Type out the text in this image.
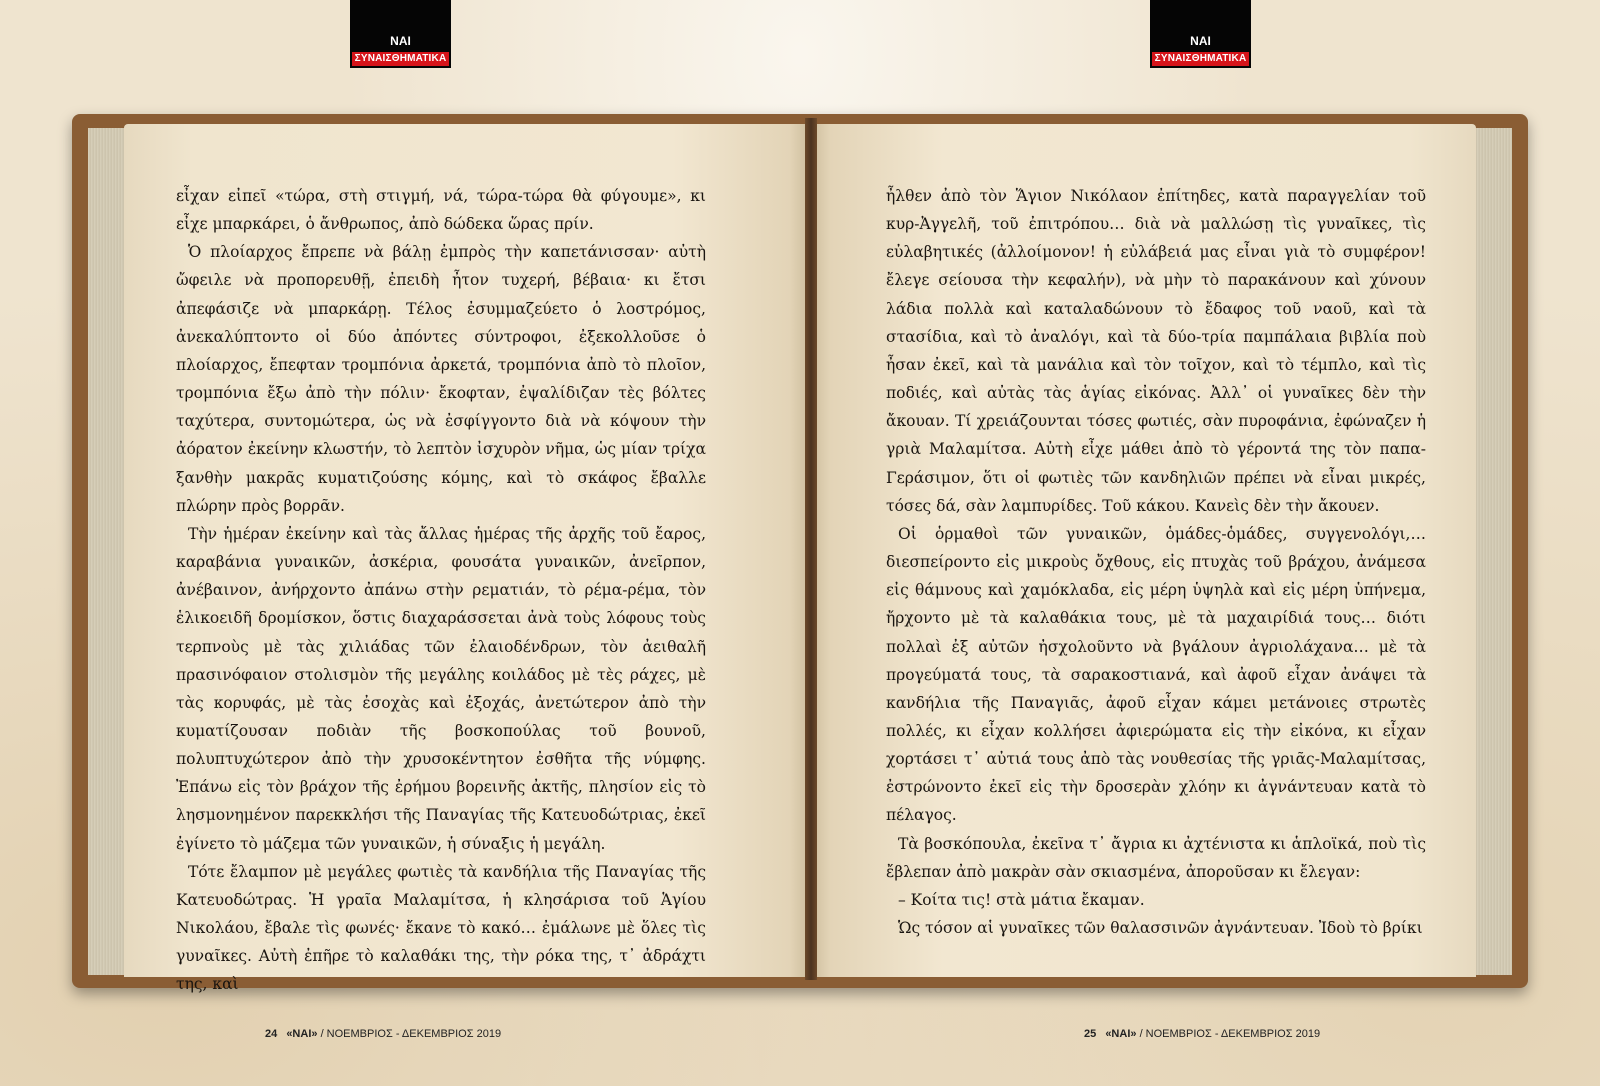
ΝΑΙ
ΣΥΝΑΙΣΘΗΜΑΤΙΚΑ
ΝΑΙ
ΣΥΝΑΙΣΘΗΜΑΤΙΚΑ

εἶχαν εἰπεῖ «τώρα, στὴ στιγμή, νά, τώρα-τώρα θὰ φύγουμε», κι εἶχε μπαρκάρει, ὁ ἄνθρωπος, ἀπὸ δώδεκα ὥρας πρίν.

Ὁ πλοίαρχος ἔπρεπε νὰ βάλῃ ἐμπρὸς τὴν καπετάνισσαν· αὐτὴ ὤφειλε νὰ προπορευθῇ, ἐπειδὴ ἦτον τυχερή, βέβαια· κι ἔτσι ἀπεφάσιζε νὰ μπαρκάρῃ. Τέλος ἐσυμμαζεύετο ὁ λοστρόμος, ἀνεκαλύπτοντο οἱ δύο ἀπόντες σύντροφοι, ἐξεκολλοῦσε ὁ πλοίαρχος, ἔπεφταν τρομπόνια ἀρκετά, τρομπόνια ἀπὸ τὸ πλοῖον, τρομπόνια ἔξω ἀπὸ τὴν πόλιν· ἔκοφταν, ἐψαλίδιζαν τὲς βόλτες ταχύτερα, συντομώτερα, ὡς νὰ ἐσφίγγοντο διὰ νὰ κόψουν τὴν ἀόρατον ἐκείνην κλωστήν, τὸ λεπτὸν ἰσχυρὸν νῆμα, ὡς μίαν τρίχα ξανθὴν μακρᾶς κυματιζούσης κόμης, καὶ τὸ σκάφος ἔβαλλε πλώρην πρὸς βορρᾶν.

Τὴν ἡμέραν ἐκείνην καὶ τὰς ἄλλας ἡμέρας τῆς ἀρχῆς τοῦ ἔαρος, καραβάνια γυναικῶν, ἀσκέρια, φουσάτα γυναικῶν, ἀνεῖρπον, ἀνέβαινον, ἀνήρχοντο ἀπάνω στὴν ρεματιάν, τὸ ρέμα-ρέμα, τὸν ἑλικοειδῆ δρομίσκον, ὅστις διαχαράσσεται ἀνὰ τοὺς λόφους τοὺς τερπνοὺς μὲ τὰς χιλιάδας τῶν ἐλαιοδένδρων, τὸν ἀειθαλῆ πρασινόφαιον στολισμὸν τῆς μεγάλης κοιλάδος μὲ τὲς ράχες, μὲ τὰς κορυφάς, μὲ τὰς ἐσοχὰς καὶ ἐξοχάς, ἀνετώτερον ἀπὸ τὴν κυματίζουσαν ποδιὰν τῆς βοσκοπούλας τοῦ βουνοῦ, πολυπτυχώτερον ἀπὸ τὴν χρυσοκέντητον ἐσθῆτα τῆς νύμφης. Ἐπάνω εἰς τὸν βράχον τῆς ἐρήμου βορεινῆς ἀκτῆς, πλησίον εἰς τὸ λησμονημένον παρεκκλήσι τῆς Παναγίας τῆς Κατευοδώτριας, ἐκεῖ ἐγίνετο τὸ μάζεμα τῶν γυναικῶν, ἡ σύναξις ἡ μεγάλη.

Τότε ἔλαμπον μὲ μεγάλες φωτιὲς τὰ κανδήλια τῆς Παναγίας τῆς Κατευοδώτρας. Ἡ γραῖα Μαλαμίτσα, ἡ κλησάρισα τοῦ Ἁγίου Νικολάου, ἔβαλε τὶς φωνές· ἔκανε τὸ κακό… ἐμάλωνε μὲ ὅλες τὶς γυναῖκες. Αὐτὴ ἐπῆρε τὸ καλαθάκι της, τὴν ρόκα της, τ᾽ ἀδράχτι της, καὶ

ἦλθεν ἀπὸ τὸν Ἅγιον Νικόλαον ἐπίτηδες, κατὰ παραγγελίαν τοῦ κυρ-Ἀγγελῆ, τοῦ ἐπιτρόπου… διὰ νὰ μαλλώσῃ τὶς γυναῖκες, τὶς εὐλαβητικές (ἀλλοίμονον! ἡ εὐλάβειά μας εἶναι γιὰ τὸ συμφέρον! ἔλεγε σείουσα τὴν κεφαλήν), νὰ μὴν τὸ παρακάνουν καὶ χύνουν λάδια πολλὰ καὶ καταλαδώνουν τὸ ἔδαφος τοῦ ναοῦ, καὶ τὰ στασίδια, καὶ τὸ ἀναλόγι, καὶ τὰ δύο-τρία παμπάλαια βιβλία ποὺ ἦσαν ἐκεῖ, καὶ τὰ μανάλια καὶ τὸν τοῖχον, καὶ τὸ τέμπλο, καὶ τὶς ποδιές, καὶ αὐτὰς τὰς ἁγίας εἰκόνας. Ἀλλ᾽ οἱ γυναῖκες δὲν τὴν ἄκουαν. Τί χρειάζουνται τόσες φωτιές, σὰν πυροφάνια, ἐφώναζεν ἡ γριὰ Μαλαμίτσα. Αὐτὴ εἶχε μάθει ἀπὸ τὸ γέροντά της τὸν παπα-Γεράσιμον, ὅτι οἱ φωτιὲς τῶν κανδηλιῶν πρέπει νὰ εἶναι μικρές, τόσες δά, σὰν λαμπυρίδες. Τοῦ κάκου. Κανεὶς δὲν τὴν ἄκουεν.

Οἱ ὁρμαθοὶ τῶν γυναικῶν, ὁμάδες-ὁμάδες, συγγενολόγι,… διεσπείροντο εἰς μικροὺς ὄχθους, εἰς πτυχὰς τοῦ βράχου, ἀνάμεσα εἰς θάμνους καὶ χαμόκλαδα, εἰς μέρη ὑψηλὰ καὶ εἰς μέρη ὑπήνεμα, ἤρχοντο μὲ τὰ καλαθάκια τους, μὲ τὰ μαχαιρίδιά τους… διότι πολλαὶ ἐξ αὐτῶν ἠσχολοῦντο νὰ βγάλουν ἀγριολάχανα… μὲ τὰ προγεύματά τους, τὰ σαρακοστιανά, καὶ ἀφοῦ εἶχαν ἀνάψει τὰ κανδήλια τῆς Παναγιᾶς, ἀφοῦ εἶχαν κάμει μετάνοιες στρωτὲς πολλές, κι εἶχαν κολλήσει ἀφιερώματα εἰς τὴν εἰκόνα, κι εἶχαν χορτάσει τ᾽ αὐτιά τους ἀπὸ τὰς νουθεσίας τῆς γριᾶς-Μαλαμίτσας, ἐστρώνοντο ἐκεῖ εἰς τὴν δροσερὰν χλόην κι ἀγνάντευαν κατὰ τὸ πέλαγος.

Τὰ βοσκόπουλα, ἐκεῖνα τ᾽ ἄγρια κι ἀχτένιστα κι ἁπλοϊκά, ποὺ τὶς ἔβλεπαν ἀπὸ μακρὰν σὰν σκιασμένα, ἀπορoῦσαν κι ἔλεγαν:

– Κοίτα τις! στὰ μάτια ἔκαμαν.

Ὡς τόσον αἱ γυναῖκες τῶν θαλασσινῶν ἀγνάντευαν. Ἰδοὺ τὸ βρίκι

24 «ΝΑΙ» / ΝΟΕΜΒΡΙΟΣ - ΔΕΚΕΜΒΡΙΟΣ 2019	25 «ΝΑΙ» / ΝΟΕΜΒΡΙΟΣ - ΔΕΚΕΜΒΡΙΟΣ 2019
